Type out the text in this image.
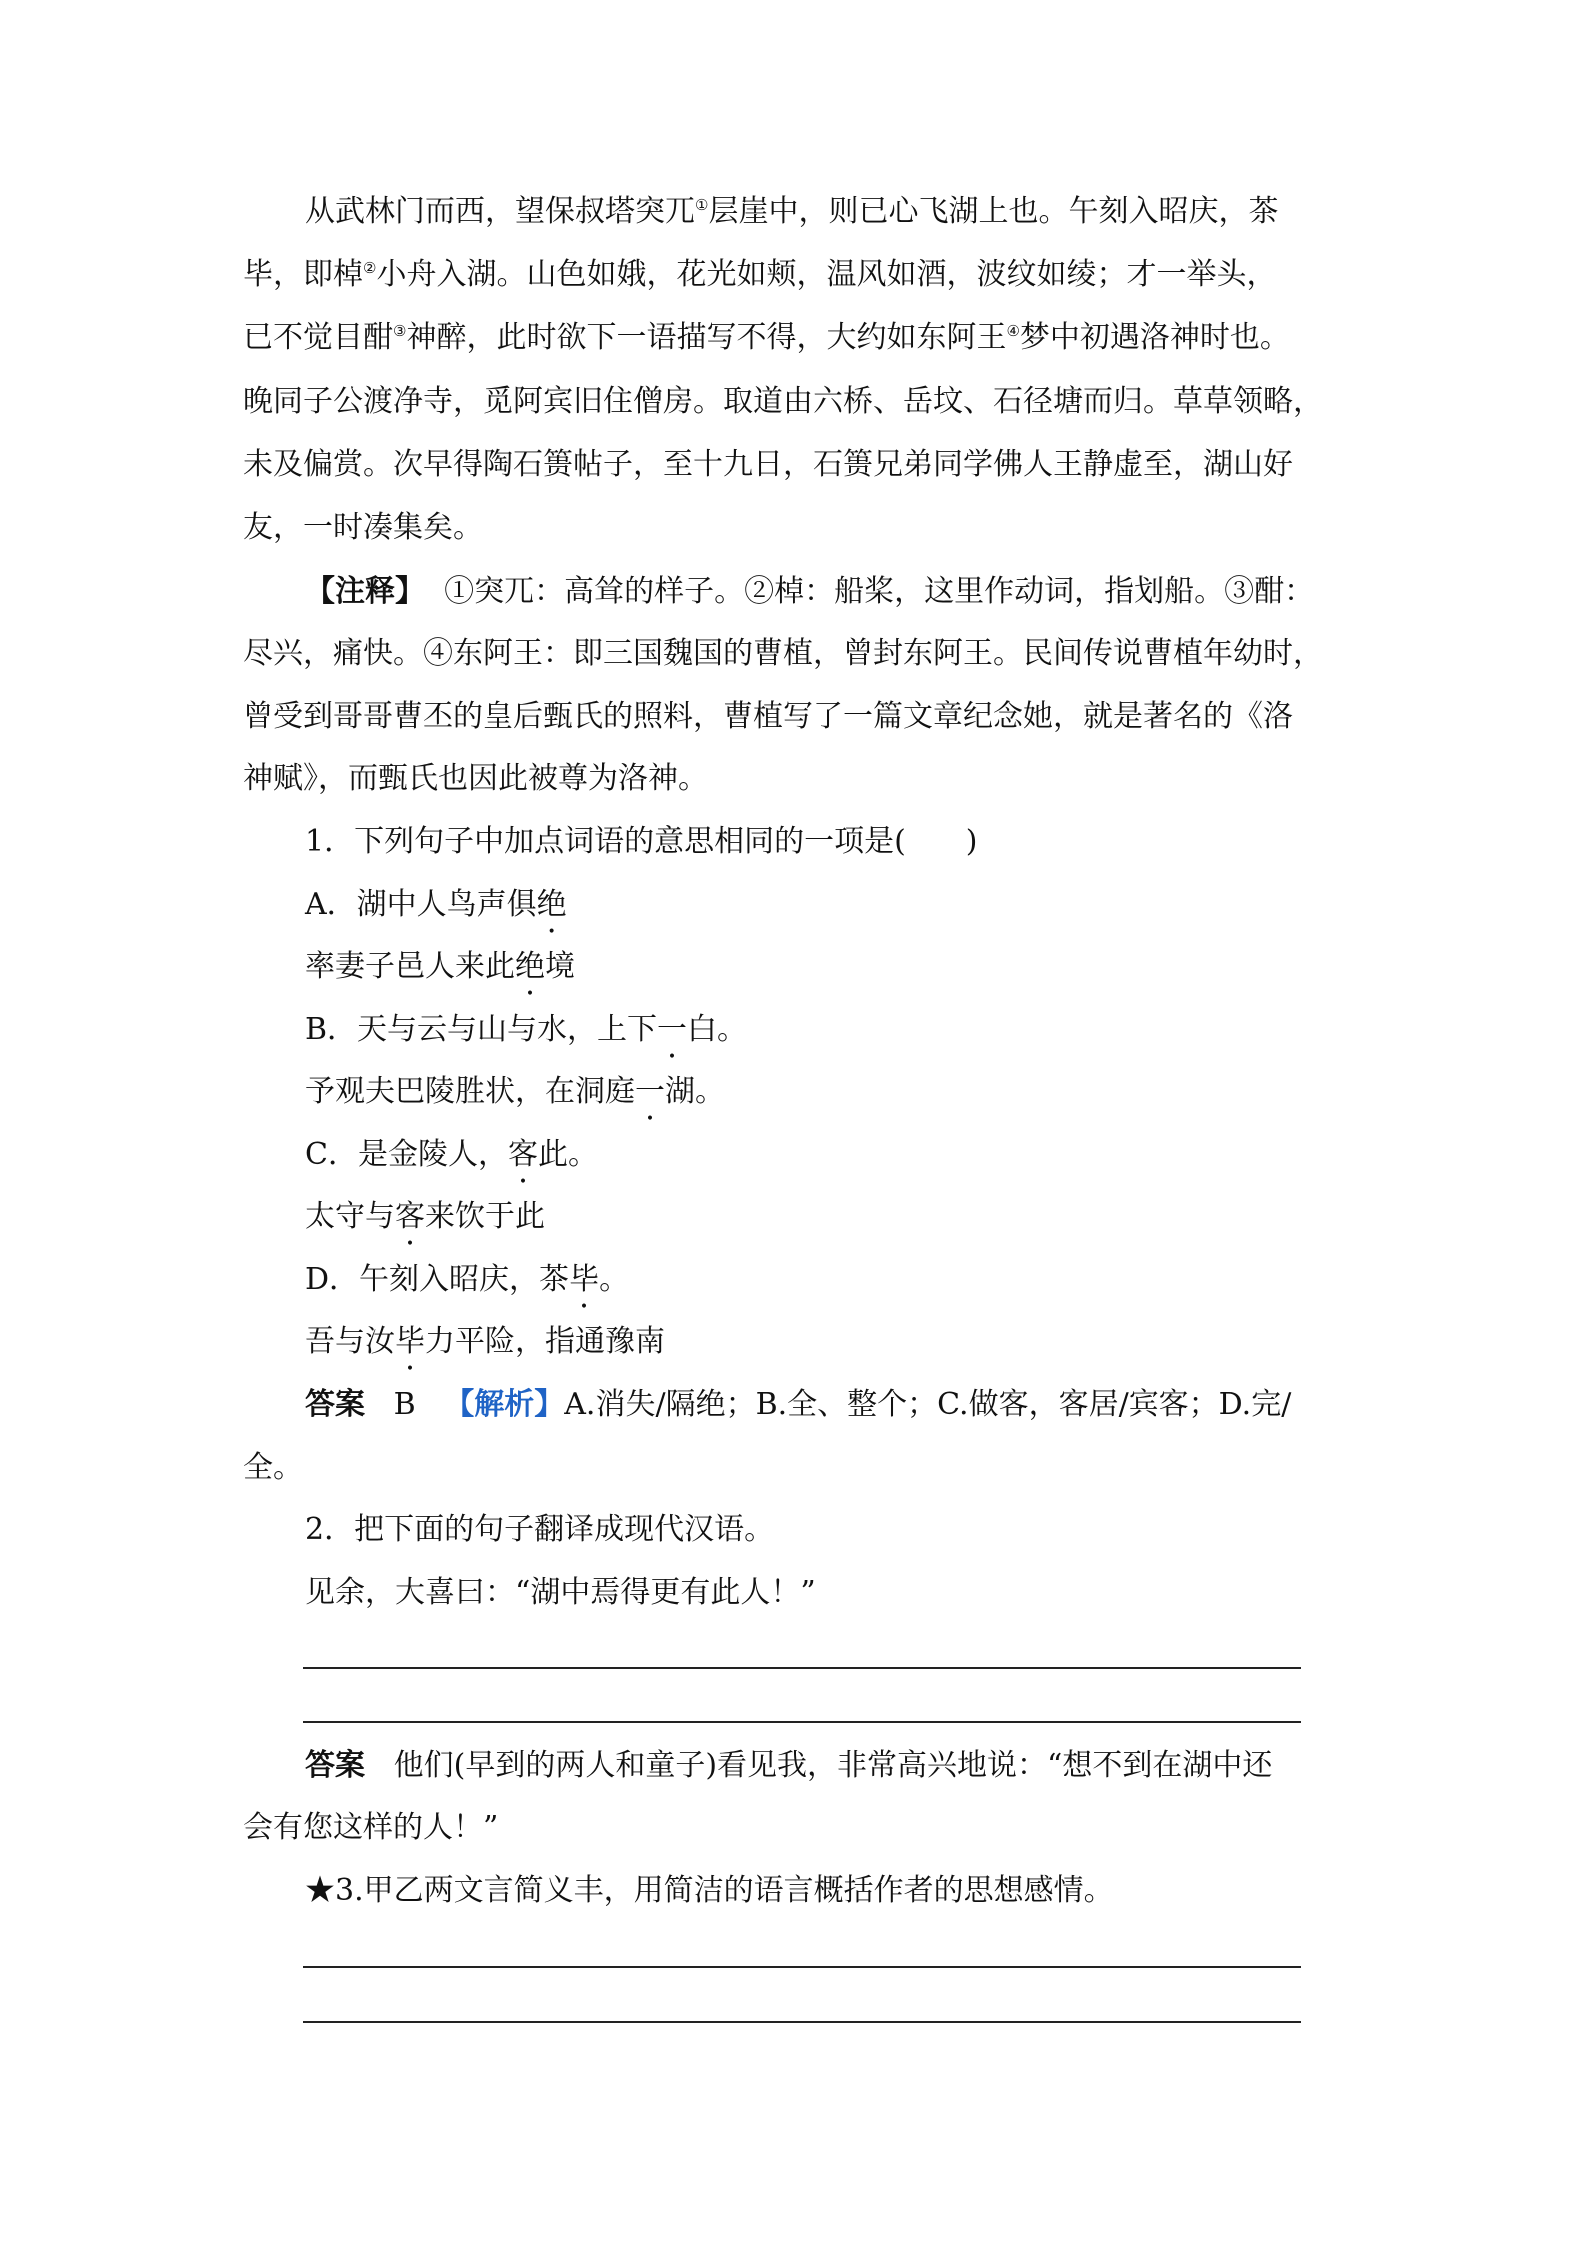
从武林门而西，望保叔塔突兀①层崖中，则已心飞湖上也。午刻入昭庆，茶
毕，即棹②小舟入湖。山色如娥，花光如颊，温风如酒，波纹如绫；才一举头，
已不觉目酣③神醉，此时欲下一语描写不得，大约如东阿王④梦中初遇洛神时也。
晚同子公渡净寺，觅阿宾旧住僧房。取道由六桥、岳坟、石径塘而归。草草领略，
未及偏赏。次早得陶石篑帖子，至十九日，石篑兄弟同学佛人王静虚至，湖山好
友，一时凑集矣。
【注释】 ①突兀：高耸的样子。②棹：船桨，这里作动词，指划船。③酣：
尽兴，痛快。④东阿王：即三国魏国的曹植，曾封东阿王。民间传说曹植年幼时，
曾受到哥哥曹丕的皇后甄氏的照料，曹植写了一篇文章纪念她，就是著名的《洛
神赋》，而甄氏也因此被尊为洛神。
1．下列句子中加点词语的意思相同的一项是(　　)
A．湖中人鸟声俱绝
率妻子邑人来此绝境
B．天与云与山与水，上下一白。
予观夫巴陵胜状，在洞庭一湖。
C．是金陵人，客此。
太守与客来饮于此
D．午刻入昭庆，茶毕。
吾与汝毕力平险，指通豫南
答案 B 【解析】A.消失/隔绝；B.全、整个；C.做客，客居/宾客；D.完/
全。
2．把下面的句子翻译成现代汉语。
见余，大喜曰：“湖中焉得更有此人！”
答案 他们(早到的两人和童子)看见我，非常高兴地说：“想不到在湖中还
会有您这样的人！”
★3.甲乙两文言简义丰，用简洁的语言概括作者的思想感情。
